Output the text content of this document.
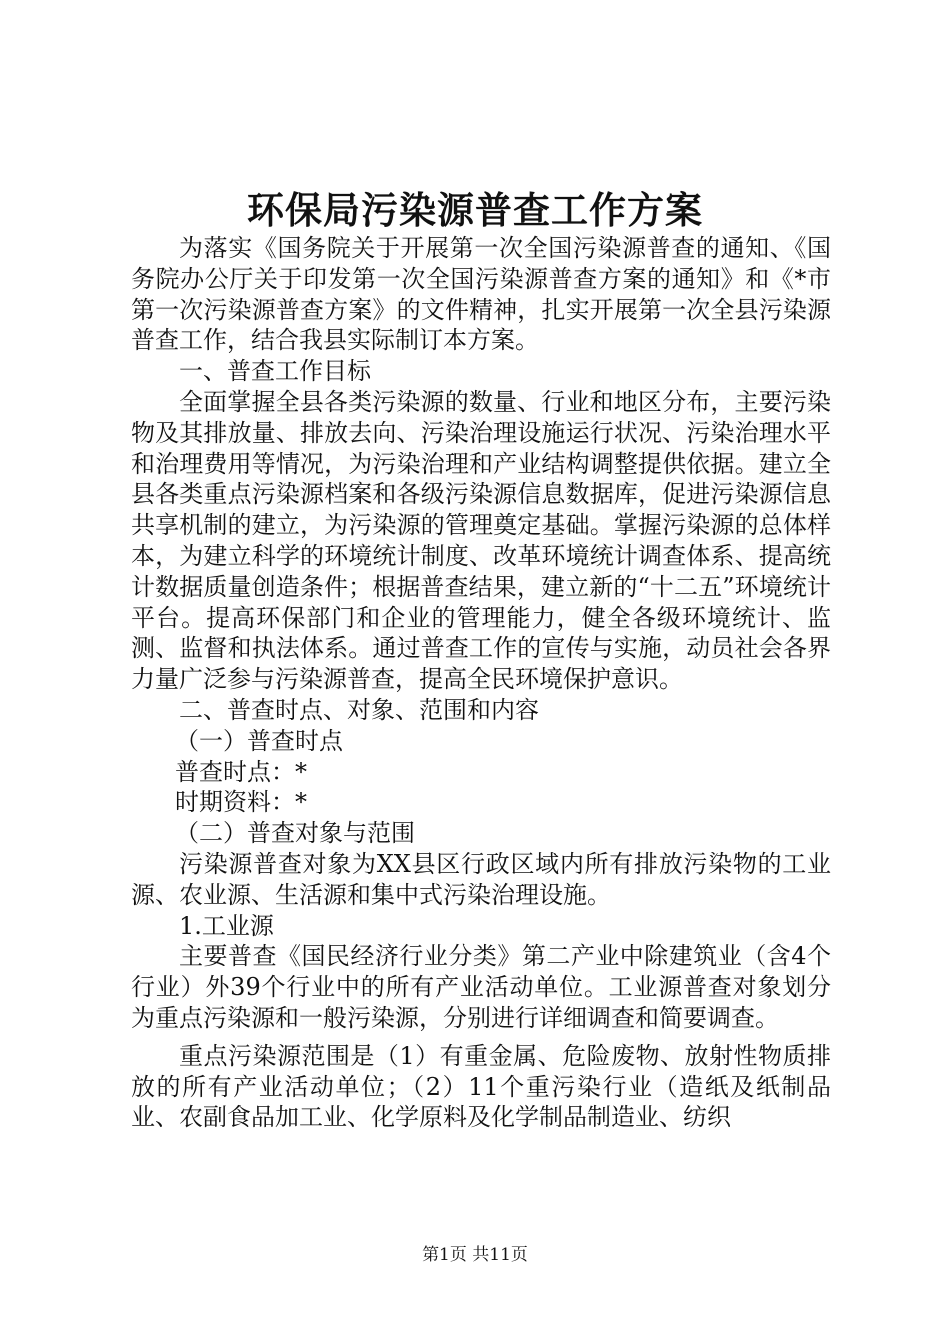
环保局污染源普查工作方案

为落实《国务院关于开展第一次全国污染源普查的通知、《国务院办公厅关于印发第一次全国污染源普查方案的通知》和《*市第一次污染源普查方案》的文件精神，扎实开展第一次全县污染源普查工作，结合我县实际制订本方案。

一、普查工作目标

全面掌握全县各类污染源的数量、行业和地区分布，主要污染物及其排放量、排放去向、污染治理设施运行状况、污染治理水平和治理费用等情况，为污染治理和产业结构调整提供依据。建立全县各类重点污染源档案和各级污染源信息数据库，促进污染源信息共享机制的建立，为污染源的管理奠定基础。掌握污染源的总体样本，为建立科学的环境统计制度、改革环境统计调查体系、提高统计数据质量创造条件；根据普查结果，建立新的“十二五”环境统计平台。提高环保部门和企业的管理能力，健全各级环境统计、监测、监督和执法体系。通过普查工作的宣传与实施，动员社会各界力量广泛参与污染源普查，提高全民环境保护意识。

二、普查时点、对象、范围和内容

（一）普查时点

普查时点：*

时期资料：*

（二）普查对象与范围

污染源普查对象为XX县区行政区域内所有排放污染物的工业源、农业源、生活源和集中式污染治理设施。

1.工业源

主要普查《国民经济行业分类》第二产业中除建筑业（含4个行业）外39个行业中的所有产业活动单位。工业源普查对象划分为重点污染源和一般污染源，分别进行详细调查和简要调查。

重点污染源范围是（1）有重金属、危险废物、放射性物质排放的所有产业活动单位；（2）11个重污染行业（造纸及纸制品业、农副食品加工业、化学原料及化学制品制造业、纺织

第1页 共11页
